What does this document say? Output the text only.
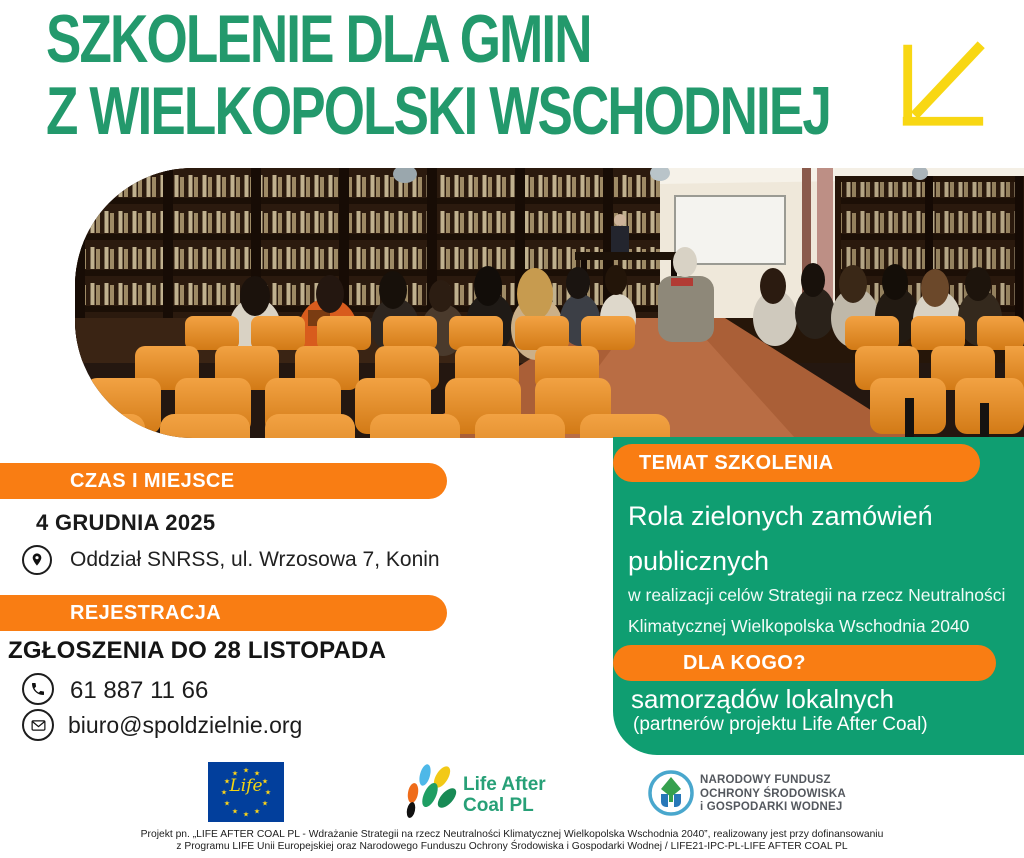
SZKOLENIE DLA GMIN
Z WIELKOPOLSKI WSCHODNIEJ
CZAS I MIEJSCE
4 GRUDNIA 2025
Oddział SNRSS, ul. Wrzosowa 7, Konin
REJESTRACJA
ZGŁOSZENIA DO 28 LISTOPADA
61 887 11 66
biuro@spoldzielnie.org
TEMAT SZKOLENIA
Rola zielonych zamówień publicznych
w realizacji celów Strategii na rzecz Neutralności Klimatycznej Wielkopolska Wschodnia 2040
DLA KOGO?
samorządów lokalnych
(partnerów projektu Life After Coal)
★ ★
★
★
★
★
★
★
★
★
★
★
Life	Life After
Coal PL
NARODOWY FUNDUSZ
OCHRONY ŚRODOWISKA
i GOSPODARKI WODNEJ
Projekt pn. „LIFE AFTER COAL PL - Wdrażanie Strategii na rzecz Neutralności Klimatycznej Wielkopolska Wschodnia 2040”, realizowany jest przy dofinansowaniu
z Programu LIFE Unii Europejskiej oraz Narodowego Funduszu Ochrony Środowiska i Gospodarki Wodnej / LIFE21-IPC-PL-LIFE AFTER COAL PL
